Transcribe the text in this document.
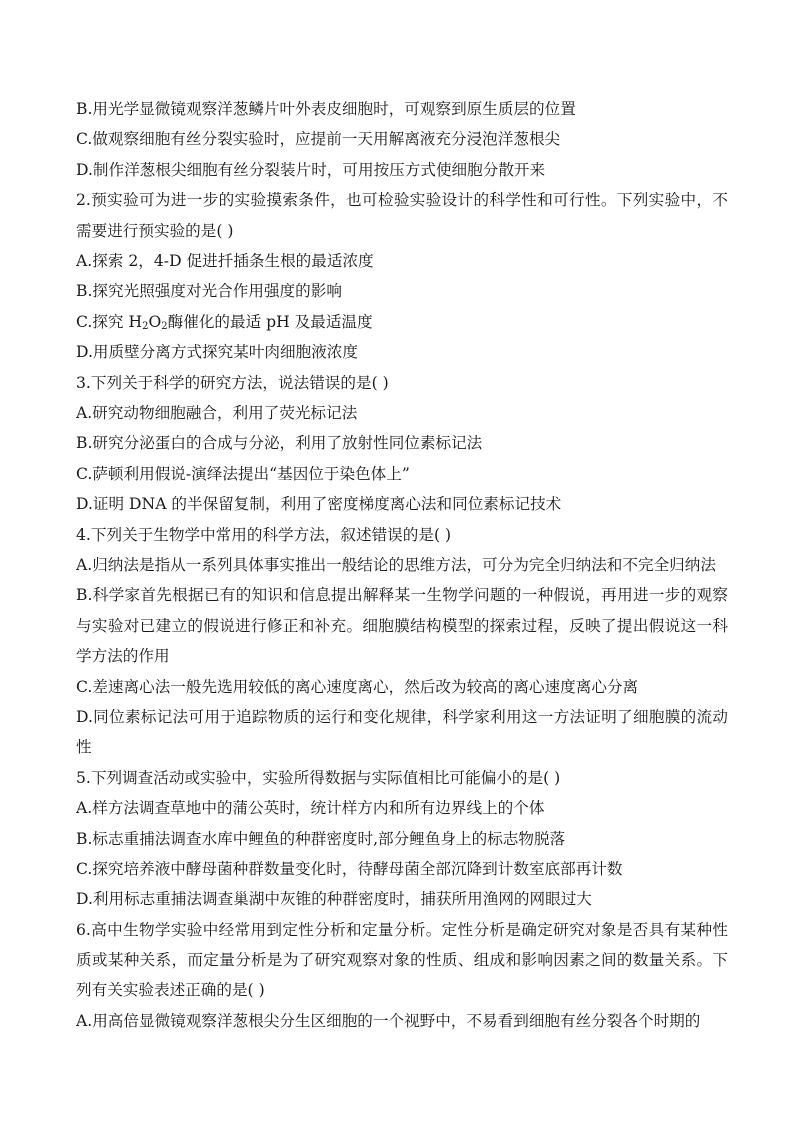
B.用光学显微镜观察洋葱鳞片叶外表皮细胞时，可观察到原生质层的位置
C.做观察细胞有丝分裂实验时，应提前一天用解离液充分浸泡洋葱根尖
D.制作洋葱根尖细胞有丝分裂装片时，可用按压方式使细胞分散开来
2.预实验可为进一步的实验摸索条件，也可检验实验设计的科学性和可行性。下列实验中，不需要进行预实验的是( )
A.探索 2，4-D 促进扦插条生根的最适浓度
B.探究光照强度对光合作用强度的影响
C.探究 $H_2O_2$酶催化的最适 pH 及最适温度
D.用质壁分离方式探究某叶肉细胞液浓度
3.下列关于科学的研究方法，说法错误的是( )
A.研究动物细胞融合，利用了荧光标记法
B.研究分泌蛋白的合成与分泌，利用了放射性同位素标记法
C.萨顿利用假说-演绎法提出“基因位于染色体上”
D.证明 DNA 的半保留复制，利用了密度梯度离心法和同位素标记技术
4.下列关于生物学中常用的科学方法，叙述错误的是( )
A.归纳法是指从一系列具体事实推出一般结论的思维方法，可分为完全归纳法和不完全归纳法
B.科学家首先根据已有的知识和信息提出解释某一生物学问题的一种假说，再用进一步的观察与实验对已建立的假说进行修正和补充。细胞膜结构模型的探索过程，反映了提出假说这一科学方法的作用
C.差速离心法一般先选用较低的离心速度离心，然后改为较高的离心速度离心分离
D.同位素标记法可用于追踪物质的运行和变化规律，科学家利用这一方法证明了细胞膜的流动性
5.下列调查活动或实验中，实验所得数据与实际值相比可能偏小的是( )
A.样方法调查草地中的蒲公英时，统计样方内和所有边界线上的个体
B.标志重捕法调查水库中鲤鱼的种群密度时,部分鲤鱼身上的标志物脱落
C.探究培养液中酵母菌种群数量变化时，待酵母菌全部沉降到计数室底部再计数
D.利用标志重捕法调查巢湖中灰锥的种群密度时，捕获所用渔网的网眼过大
6.高中生物学实验中经常用到定性分析和定量分析。定性分析是确定研究对象是否具有某种性质或某种关系，而定量分析是为了研究观察对象的性质、组成和影响因素之间的数量关系。下列有关实验表述正确的是( )
A.用高倍显微镜观察洋葱根尖分生区细胞的一个视野中，不易看到细胞有丝分裂各个时期的
